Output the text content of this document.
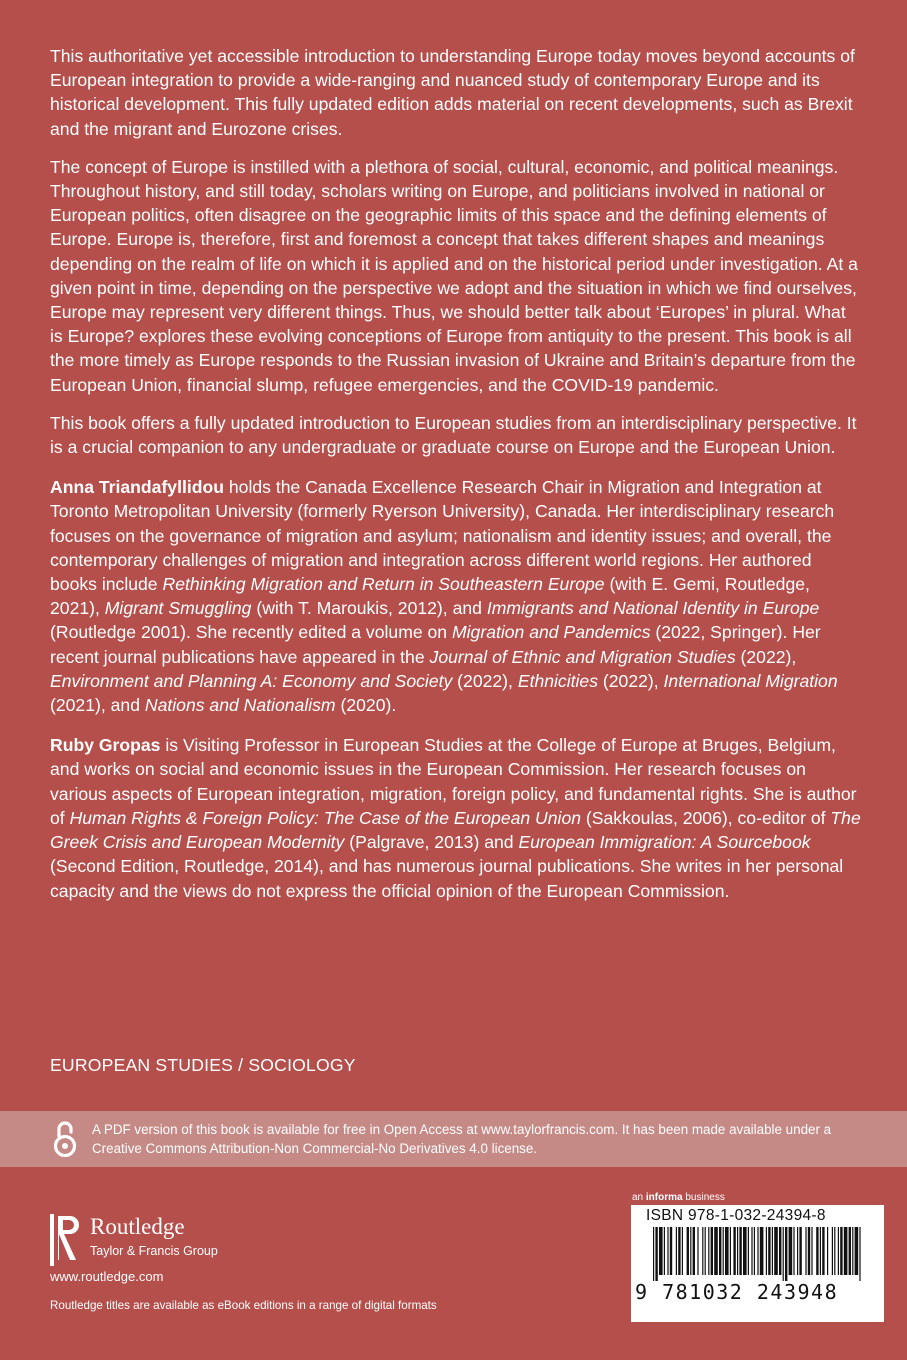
This authoritative yet accessible introduction to understanding Europe today moves beyond accounts of European integration to provide a wide-ranging and nuanced study of contemporary Europe and its historical development. This fully updated edition adds material on recent developments, such as Brexit and the migrant and Eurozone crises.

The concept of Europe is instilled with a plethora of social, cultural, economic, and political meanings. Throughout history, and still today, scholars writing on Europe, and politicians involved in national or European politics, often disagree on the geographic limits of this space and the defining elements of Europe. Europe is, therefore, first and foremost a concept that takes different shapes and meanings depending on the realm of life on which it is applied and on the historical period under investigation. At a given point in time, depending on the perspective we adopt and the situation in which we find ourselves, Europe may represent very different things. Thus, we should better talk about ‘Europes’ in plural. What is Europe? explores these evolving conceptions of Europe from antiquity to the present. This book is all the more timely as Europe responds to the Russian invasion of Ukraine and Britain’s departure from the European Union, financial slump, refugee emergencies, and the COVID-19 pandemic.

This book offers a fully updated introduction to European studies from an interdisciplinary perspective. It is a crucial companion to any undergraduate or graduate course on Europe and the European Union.

Anna Triandafyllidou holds the Canada Excellence Research Chair in Migration and Integration at Toronto Metropolitan University (formerly Ryerson University), Canada. Her interdisciplinary research focuses on the governance of migration and asylum; nationalism and identity issues; and overall, the contemporary challenges of migration and integration across different world regions. Her authored books include Rethinking Migration and Return in Southeastern Europe (with E. Gemi, Routledge, 2021), Migrant Smuggling (with T. Maroukis, 2012), and Immigrants and National Identity in Europe (Routledge 2001). She recently edited a volume on Migration and Pandemics (2022, Springer). Her recent journal publications have appeared in the Journal of Ethnic and Migration Studies (2022), Environment and Planning A: Economy and Society (2022), Ethnicities (2022), International Migration (2021), and Nations and Nationalism (2020).

Ruby Gropas is Visiting Professor in European Studies at the College of Europe at Bruges, Belgium, and works on social and economic issues in the European Commission. Her research focuses on various aspects of European integration, migration, foreign policy, and fundamental rights. She is author of Human Rights & Foreign Policy: The Case of the European Union (Sakkoulas, 2006), co-editor of The Greek Crisis and European Modernity (Palgrave, 2013) and European Immigration: A Sourcebook (Second Edition, Routledge, 2014), and has numerous journal publications. She writes in her personal capacity and the views do not express the official opinion of the European Commission.

EUROPEAN STUDIES / SOCIOLOGY
A PDF version of this book is available for free in Open Access at www.taylorfrancis.com. It has been made available under a Creative Commons Attribution-Non Commercial-No Derivatives 4.0 license.
Routledge
Taylor & Francis Group
www.routledge.com
Routledge titles are available as eBook editions in a range of digital formats
an informa business
ISBN 978-1-032-24394-8
9 781032 243948
